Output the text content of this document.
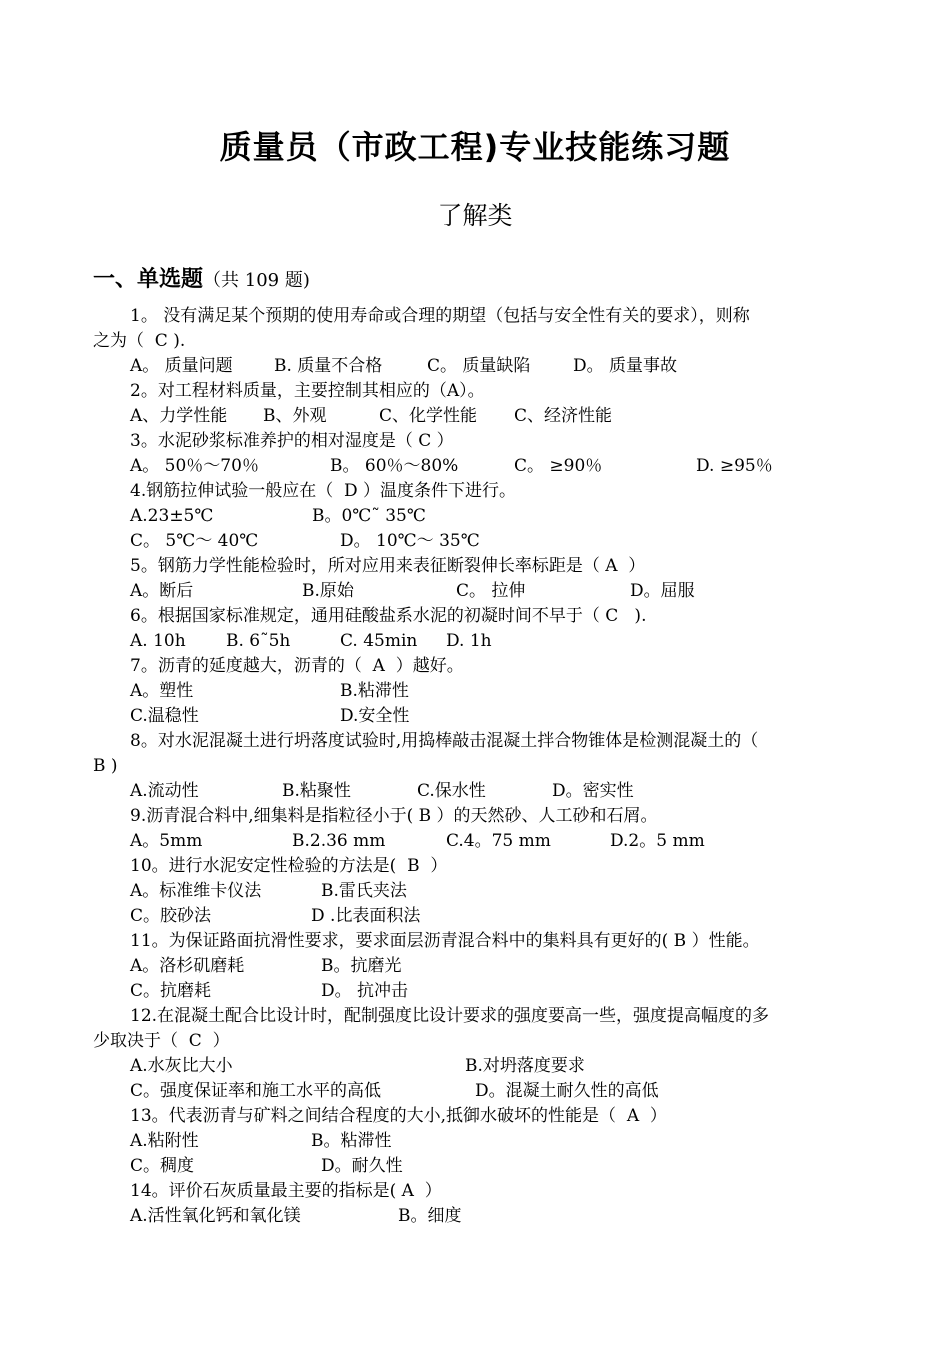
质量员（市政工程)专业技能练习题
了解类
一、单选题（共 109 题)
1。 没有满足某个预期的使用寿命或合理的期望（包括与安全性有关的要求），则称
之为（  C ).

A。 质量问题

B. 质量不合格

	C。 质量缺陷

	D。 质量事故

2。对工程材料质量，主要控制其相应的（A）。

A、力学性能

B、外观

	C、化学性能

C、经济性能

3。水泥砂浆标准养护的相对湿度是（ C ）

A。 50％～70％

	B。 60％～80%

	C。 ≥90％

	D. ≥95％

4.钢筋拉伸试验一般应在（  D ）温度条件下进行。

A.23±5℃

	B。0℃˜ 35℃

C。 5℃～ 40℃

	D。 10℃～ 35℃

5。钢筋力学性能检验时，所对应用来表征断裂伸长率标距是（ A  ）

A。断后

	B.原始

	C。 拉伸

	D。屈服

6。根据国家标准规定，通用硅酸盐系水泥的初凝时间不早于（ C   ).

A. 10h

B. 6˜5h

	C. 45min

D. 1h

7。沥青的延度越大，沥青的（  A  ）越好。

A。塑性

	B.粘滞性

C.温稳性

	D.安全性

8。对水泥混凝土进行坍落度试验时,用捣棒敲击混凝土拌合物锥体是检测混凝土的（
B )

A.流动性

	B.粘聚性

	C.保水性

	D。密实性

9.沥青混合料中,细集料是指粒径小于( B ）的天然砂、人工砂和石屑。

A。5mm

	B.2.36 mm

	C.4。75 mm

	D.2。5 mm

10。进行水泥安定性检验的方法是(  B  ）

A。标准维卡仪法

	B.雷氏夹法

C。胶砂法

	D .比表面积法

11。为保证路面抗滑性要求，要求面层沥青混合料中的集料具有更好的( B ）性能。

A。洛杉矶磨耗

	B。抗磨光

C。抗磨耗

	D。 抗冲击

12.在混凝土配合比设计时，配制强度比设计要求的强度要高一些，强度提高幅度的多
少取决于（  C  ）

A.水灰比大小

	B.对坍落度要求

C。强度保证率和施工水平的高低

	D。混凝土耐久性的高低

13。代表沥青与矿料之间结合程度的大小,抵御水破坏的性能是（  A  ）

A.粘附性

	B。粘滞性

C。稠度

	D。耐久性

14。评价石灰质量最主要的指标是( A  ）

A.活性氧化钙和氧化镁

	B。细度
